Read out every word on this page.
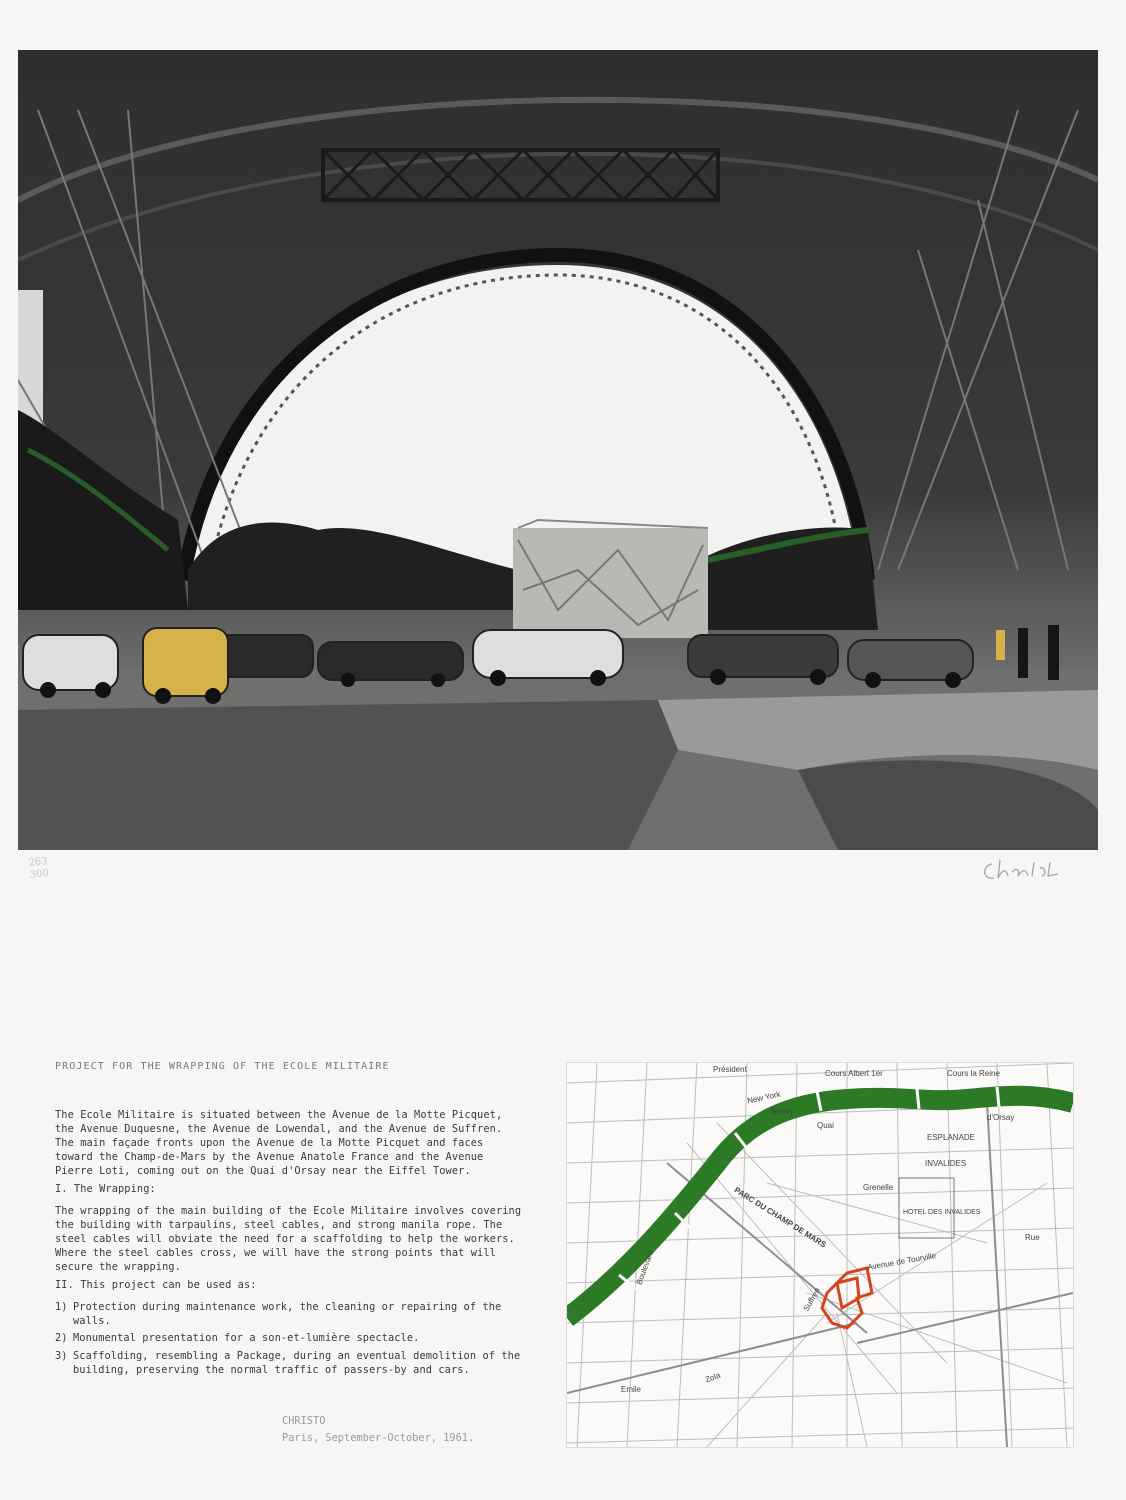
263
300
PROJECT FOR THE WRAPPING OF THE ECOLE MILITAIRE

The Ecole Militaire is situated between the Avenue de la Motte Picquet, the Avenue Duquesne, the Avenue de Lowendal, and the Avenue de Suffren. The main façade fronts upon the Avenue de la Motte Picquet and faces toward the Champ-de-Mars by the Avenue Anatole France and the Avenue Pierre Loti, coming out on the Quai d'Orsay near the Eiffel Tower.

I. The Wrapping:

The wrapping of the main building of the Ecole Militaire involves covering the building with tarpaulins, steel cables, and strong manila rope. The steel cables will obviate the need for a scaffolding to help the workers. Where the steel cables cross, we will have the strong points that will secure the wrapping.

II. This project can be used as:

1) Protection during maintenance work, the cleaning or repairing of the walls.
2) Monumental presentation for a son-et-lumière spectacle.
3) Scaffolding, resembling a Package, during an eventual demolition of the building, preserving the normal traffic of passers-by and cars.
CHRISTO
Paris, September-October, 1961.
Président	Cours Albert 1er	Cours la Reine
Branly
Quai
d'Orsay
New York
ESPLANADE
INVALIDES
Grenelle
PARC DU CHAMP DE MARS	HOTEL DES INVALIDES
Avenue de Tourville
Suffren
Boulevard
Emile
Zola
Rue
